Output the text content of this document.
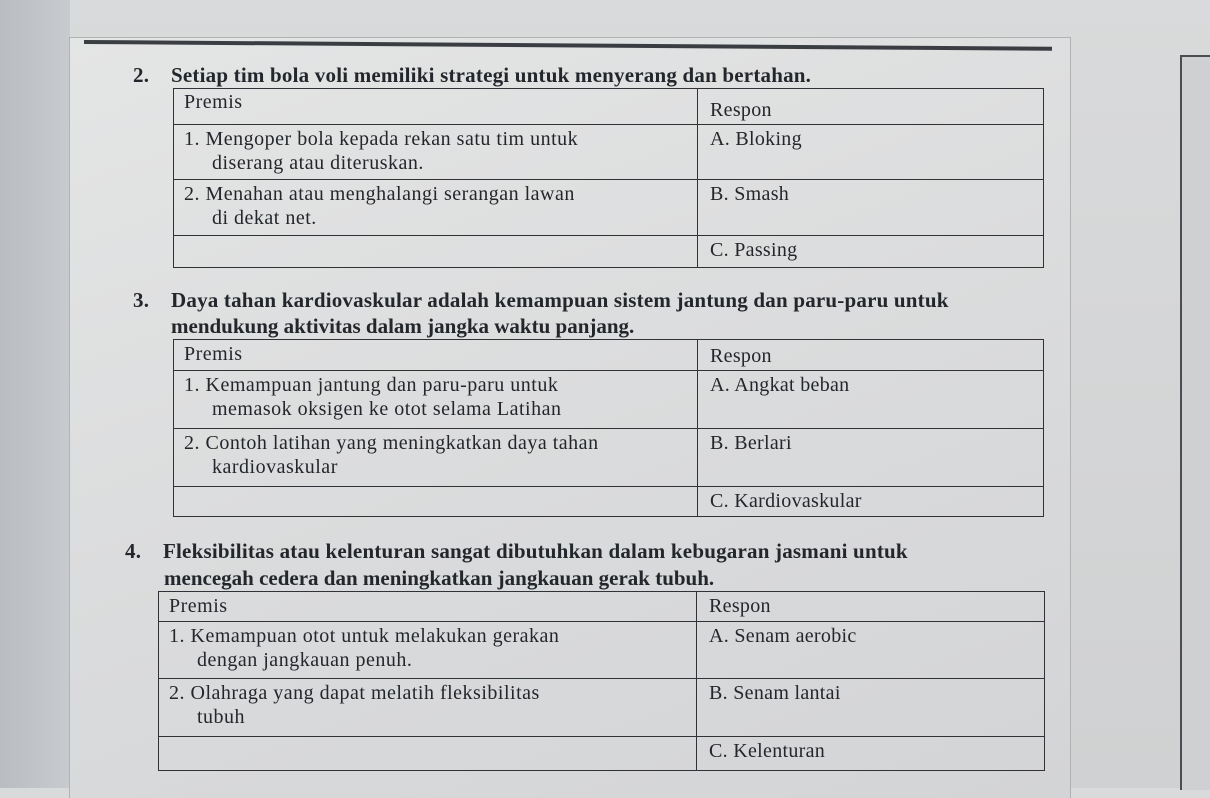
2. Setiap tim bola voli memiliki strategi untuk menyerang dan bertahan.
Premis	Respon
1. Mengoper bola kepada rekan satu tim untuk
diserang atau diteruskan.	A. Bloking
2. Menahan atau menghalangi serangan lawan
di dekat net.	B. Smash
	C. Passing
3. Daya tahan kardiovaskular adalah kemampuan sistem jantung dan paru-paru untuk
mendukung aktivitas dalam jangka waktu panjang.
Premis	Respon
1. Kemampuan jantung dan paru-paru untuk
memasok oksigen ke otot selama Latihan	A. Angkat beban
2. Contoh latihan yang meningkatkan daya tahan
kardiovaskular	B. Berlari
	C. Kardiovaskular
4. Fleksibilitas atau kelenturan sangat dibutuhkan dalam kebugaran jasmani untuk
mencegah cedera dan meningkatkan jangkauan gerak tubuh.
Premis	Respon
1. Kemampuan otot untuk melakukan gerakan
dengan jangkauan penuh.	A. Senam aerobic
2. Olahraga yang dapat melatih fleksibilitas
tubuh	B. Senam lantai
	C. Kelenturan
